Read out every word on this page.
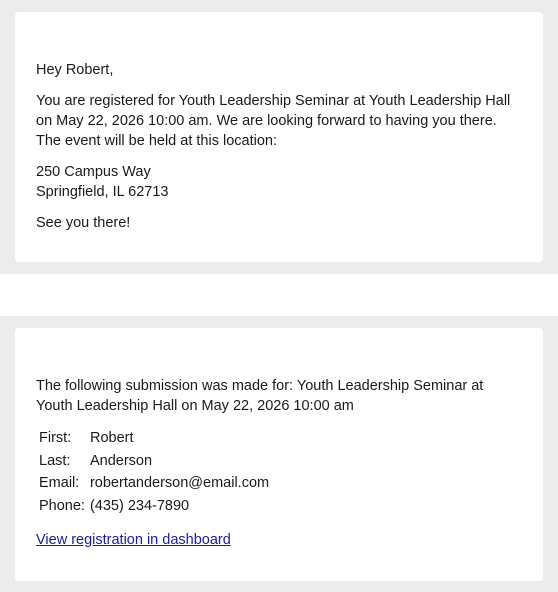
Hey Robert,

You are registered for Youth Leadership Seminar at Youth Leadership Hall on May 22, 2026 10:00 am. We are looking forward to having you there. The event will be held at this location:

250 Campus Way

Springfield, IL 62713

See you there!

The following submission was made for: Youth Leadership Seminar at Youth Leadership Hall on May 22, 2026 10:00 am

First:	Robert
Last:	Anderson
Email:	robertanderson@email.com
Phone:	(435) 234-7890
View registration in dashboard
